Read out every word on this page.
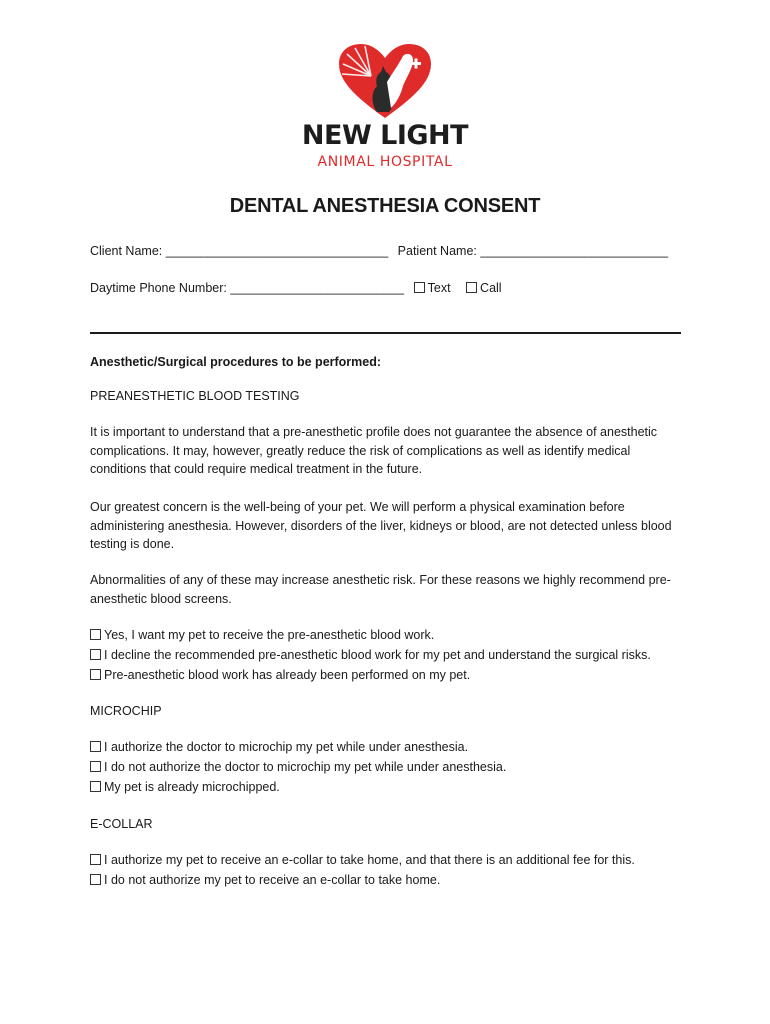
NEW LIGHT
ANIMAL HOSPITAL
DENTAL ANESTHESIA CONSENT
Client Name: ________________________________ Patient Name: ___________________________
Daytime Phone Number: _________________________ Text Call
Anesthetic/Surgical procedures to be performed:
PREANESTHETIC BLOOD TESTING
It is important to understand that a pre-anesthetic profile does not guarantee the absence of anesthetic complications. It may, however, greatly reduce the risk of complications as well as identify medical conditions that could require medical treatment in the future.
Our greatest concern is the well-being of your pet. We will perform a physical examination before administering anesthesia. However, disorders of the liver, kidneys or blood, are not detected unless blood testing is done.
Abnormalities of any of these may increase anesthetic risk. For these reasons we highly recommend pre-anesthetic blood screens.
Yes, I want my pet to receive the pre-anesthetic blood work.
I decline the recommended pre-anesthetic blood work for my pet and understand the surgical risks.
Pre-anesthetic blood work has already been performed on my pet.
MICROCHIP
I authorize the doctor to microchip my pet while under anesthesia.
I do not authorize the doctor to microchip my pet while under anesthesia.
My pet is already microchipped.
E-COLLAR
I authorize my pet to receive an e-collar to take home, and that there is an additional fee for this.
I do not authorize my pet to receive an e-collar to take home.
